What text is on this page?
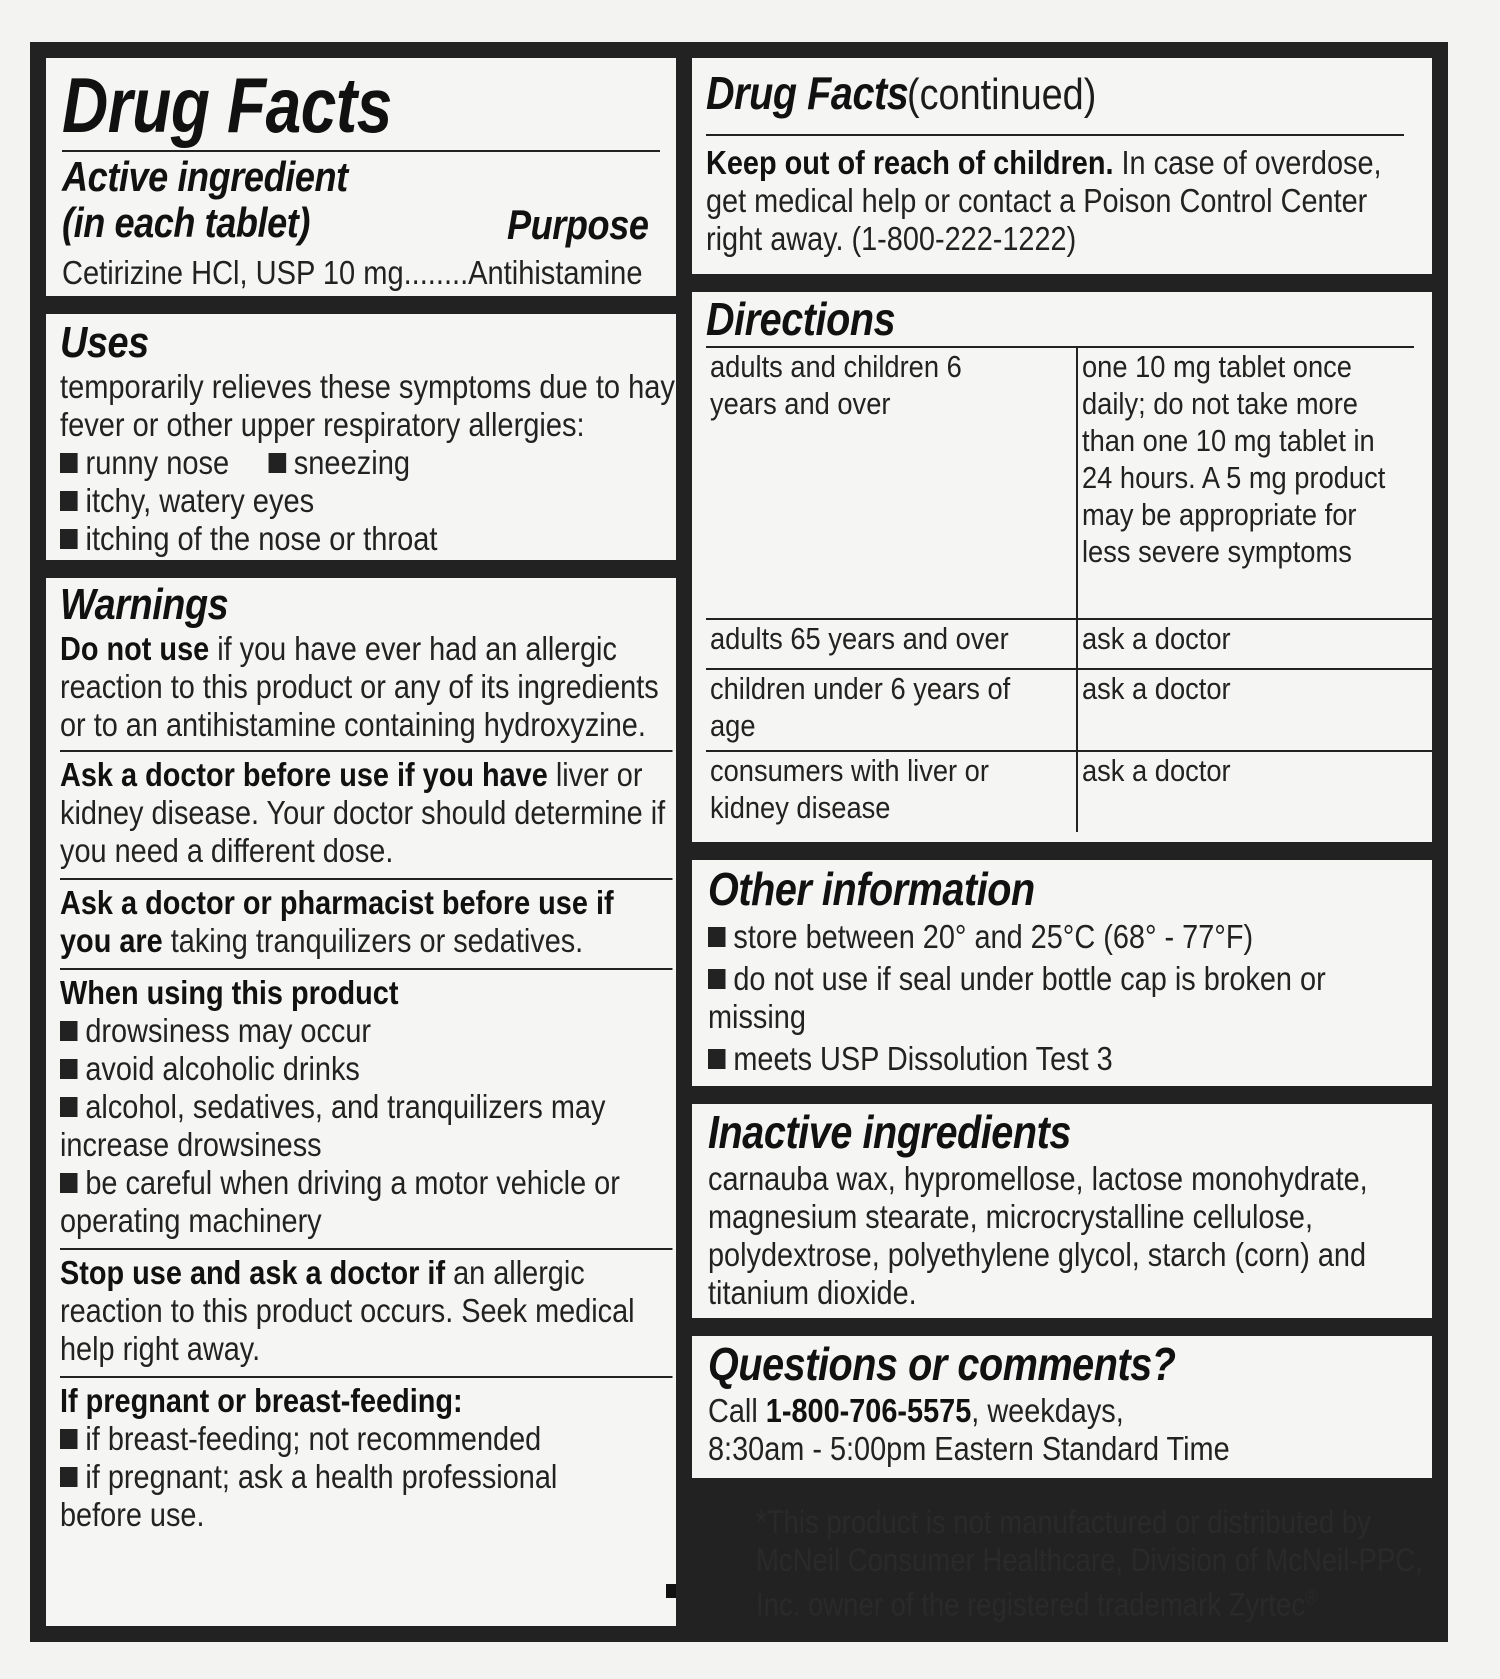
Drug Facts
Active ingredient
(in each tablet)	Purpose
Cetirizine HCl, USP 10 mg........Antihistamine
Uses
temporarily relieves these symptoms due to hay fever or other upper respiratory allergies:
runny nose sneezing
itchy, watery eyes
itching of the nose or throat
Warnings
Do not use if you have ever had an allergic reaction to this product or any of its ingredients or to an antihistamine containing hydroxyzine.
Ask a doctor before use if you have liver or kidney disease. Your doctor should determine if you need a different dose.
Ask a doctor or pharmacist before use if you are taking tranquilizers or sedatives.
When using this product
drowsiness may occur
avoid alcoholic drinks
alcohol, sedatives, and tranquilizers may increase drowsiness
be careful when driving a motor vehicle or operating machinery
Stop use and ask a doctor if an allergic reaction to this product occurs. Seek medical help right away.
If pregnant or breast-feeding:
if breast-feeding; not recommended
if pregnant; ask a health professional before use.
Drug Facts(continued)
Keep out of reach of children. In case of overdose, get medical help or contact a Poison Control Center right away. (1-800-222-1222)
Directions
adults and children 6 years and over	one 10 mg tablet once daily; do not take more than one 10 mg tablet in 24 hours. A 5 mg product may be appropriate for less severe symptoms
adults 65 years and over	ask a doctor
children under 6 years of age	ask a doctor
consumers with liver or kidney disease	ask a doctor
Other information
store between 20° and 25°C (68° - 77°F)
do not use if seal under bottle cap is broken or missing
meets USP Dissolution Test 3
Inactive ingredients
carnauba wax, hypromellose, lactose monohydrate, magnesium stearate, microcrystalline cellulose, polydextrose, polyethylene glycol, starch (corn) and titanium dioxide.
Questions or comments?
Call 1-800-706-5575, weekdays,
8:30am - 5:00pm Eastern Standard Time
*This product is not manufactured or distributed by McNeil Consumer Healthcare, Division of McNeil-PPC, Inc. owner of the registered trademark Zyrtec®
